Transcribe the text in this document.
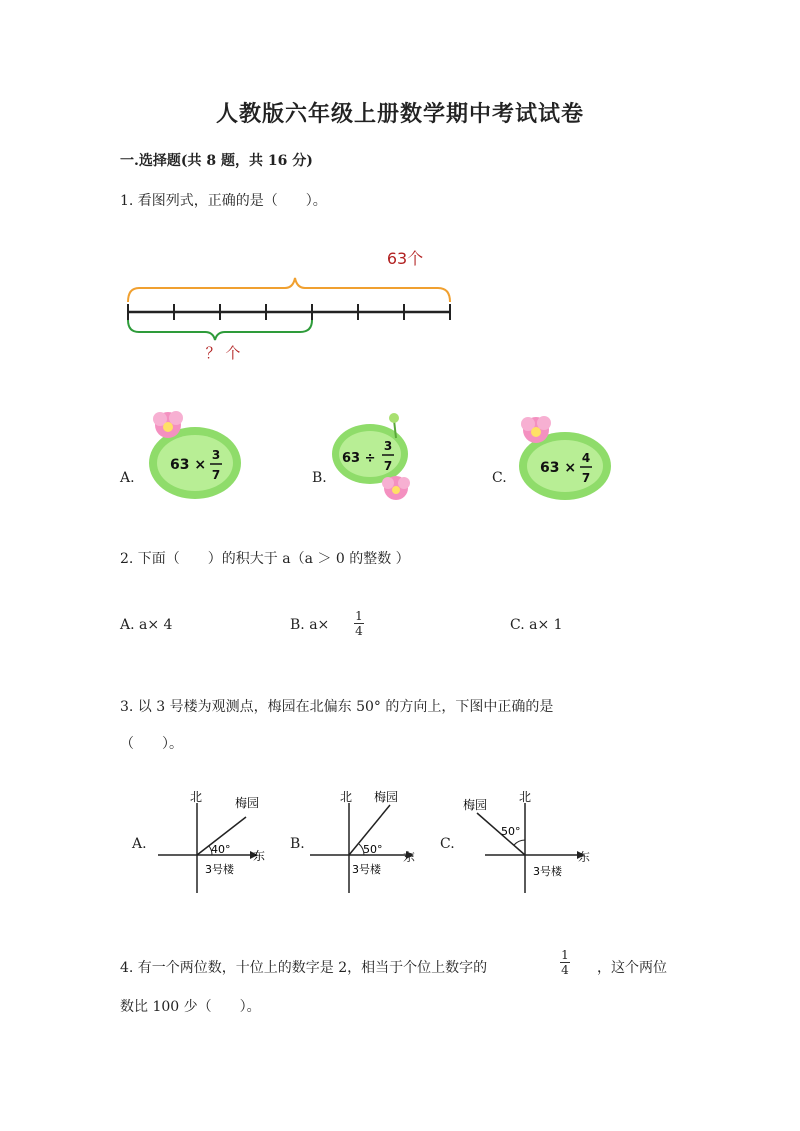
人教版六年级上册数学期中考试试卷
一.选择题(共 8 题，共 16 分)
1. 看图列式，正确的是（　　）。
63个
？ 个
A.
63 ×
3
7	B.
63 ÷
3
7
C.
63 ×
4
7
2. 下面（　　）的积大于 a（a ＞ 0 的整数 ）
A. a× 4	B. a×
1
4	C. a× 1
3. 以 3 号楼为观测点，梅园在北偏东 50° 的方向上，下图中正确的是
（　　）。
A.
北
东
梅园
40°
3号楼
B.
北 梅园
50°
3号楼
东
C.
北
梅园
50°
3号楼
东
4. 有一个两位数，十位上的数字是 2，相当于个位上数字的
1
4 ，这个两位
数比 100 少（　　）。
